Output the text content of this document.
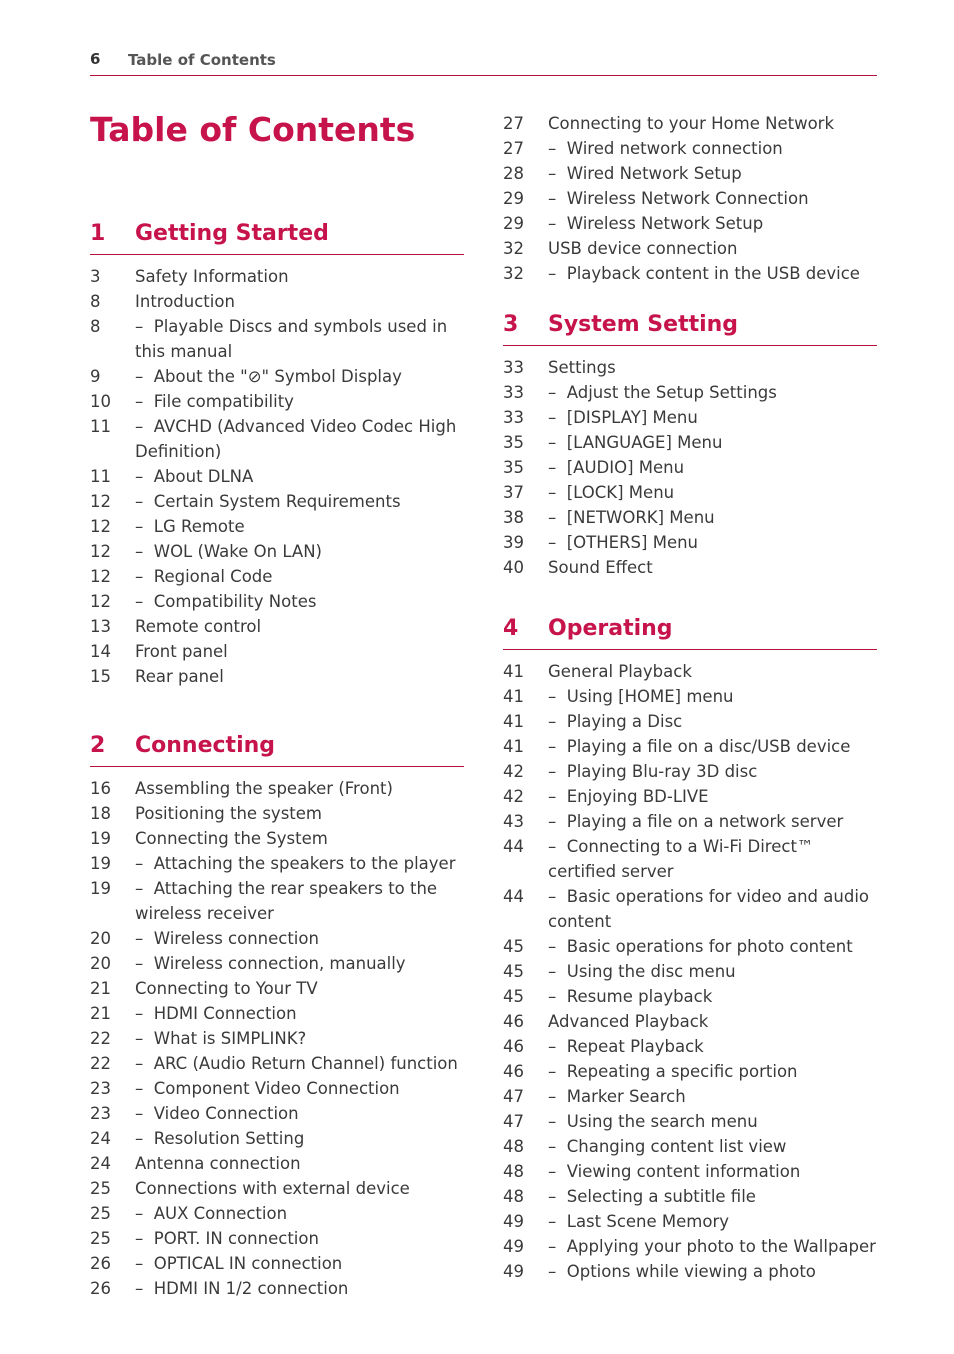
6 Table of Contents
Table of Contents
1 Getting Started
3 Safety Information
8 Introduction
8	–  Playable Discs and symbols used in this manual
9	–  About the "⊘" Symbol Display
10	–  File compatibility
11	–  AVCHD (Advanced Video Codec High Definition)
11	–  About DLNA
12	–  Certain System Requirements
12	–  LG Remote
12	–  WOL (Wake On LAN)
12	–  Regional Code
12	–  Compatibility Notes
13 Remote control
14 Front panel
15 Rear panel
2 Connecting
16 Assembling the speaker (Front)
18 Positioning the system
19 Connecting the System
19	–  Attaching the speakers to the player
19	–  Attaching the rear speakers to the wireless receiver
20	–  Wireless connection
20	–  Wireless connection, manually
21 Connecting to Your TV
21	–  HDMI Connection
22	–  What is SIMPLINK?
22	–  ARC (Audio Return Channel) function
23	–  Component Video Connection
23	–  Video Connection
24	–  Resolution Setting
24 Antenna connection
25 Connections with external device
25	–  AUX Connection
25	–  PORT. IN connection
26	–  OPTICAL IN connection
26	–  HDMI IN 1/2 connection
27 Connecting to your Home Network
27	–  Wired network connection
28	–  Wired Network Setup
29	–  Wireless Network Connection
29	–  Wireless Network Setup
32 USB device connection
32	–  Playback content in the USB device
3 System Setting
33 Settings
33	–  Adjust the Setup Settings
33	–  [DISPLAY] Menu
35	–  [LANGUAGE] Menu
35	–  [AUDIO] Menu
37	–  [LOCK] Menu
38	–  [NETWORK] Menu
39	–  [OTHERS] Menu
40 Sound Effect
4 Operating
41 General Playback
41	–  Using [HOME] menu
41	–  Playing a Disc
41	–  Playing a file on a disc/USB device
42	–  Playing Blu-ray 3D disc
42	–  Enjoying BD-LIVE
43	–  Playing a file on a network server
44	–  Connecting to a Wi-Fi Direct™ certified server
44	–  Basic operations for video and audio content
45	–  Basic operations for photo content
45	–  Using the disc menu
45	–  Resume playback
46 Advanced Playback
46	–  Repeat Playback
46	–  Repeating a specific portion
47	–  Marker Search
47	–  Using the search menu
48	–  Changing content list view
48	–  Viewing content information
48	–  Selecting a subtitle file
49	–  Last Scene Memory
49	–  Applying your photo to the Wallpaper
49	–  Options while viewing a photo
